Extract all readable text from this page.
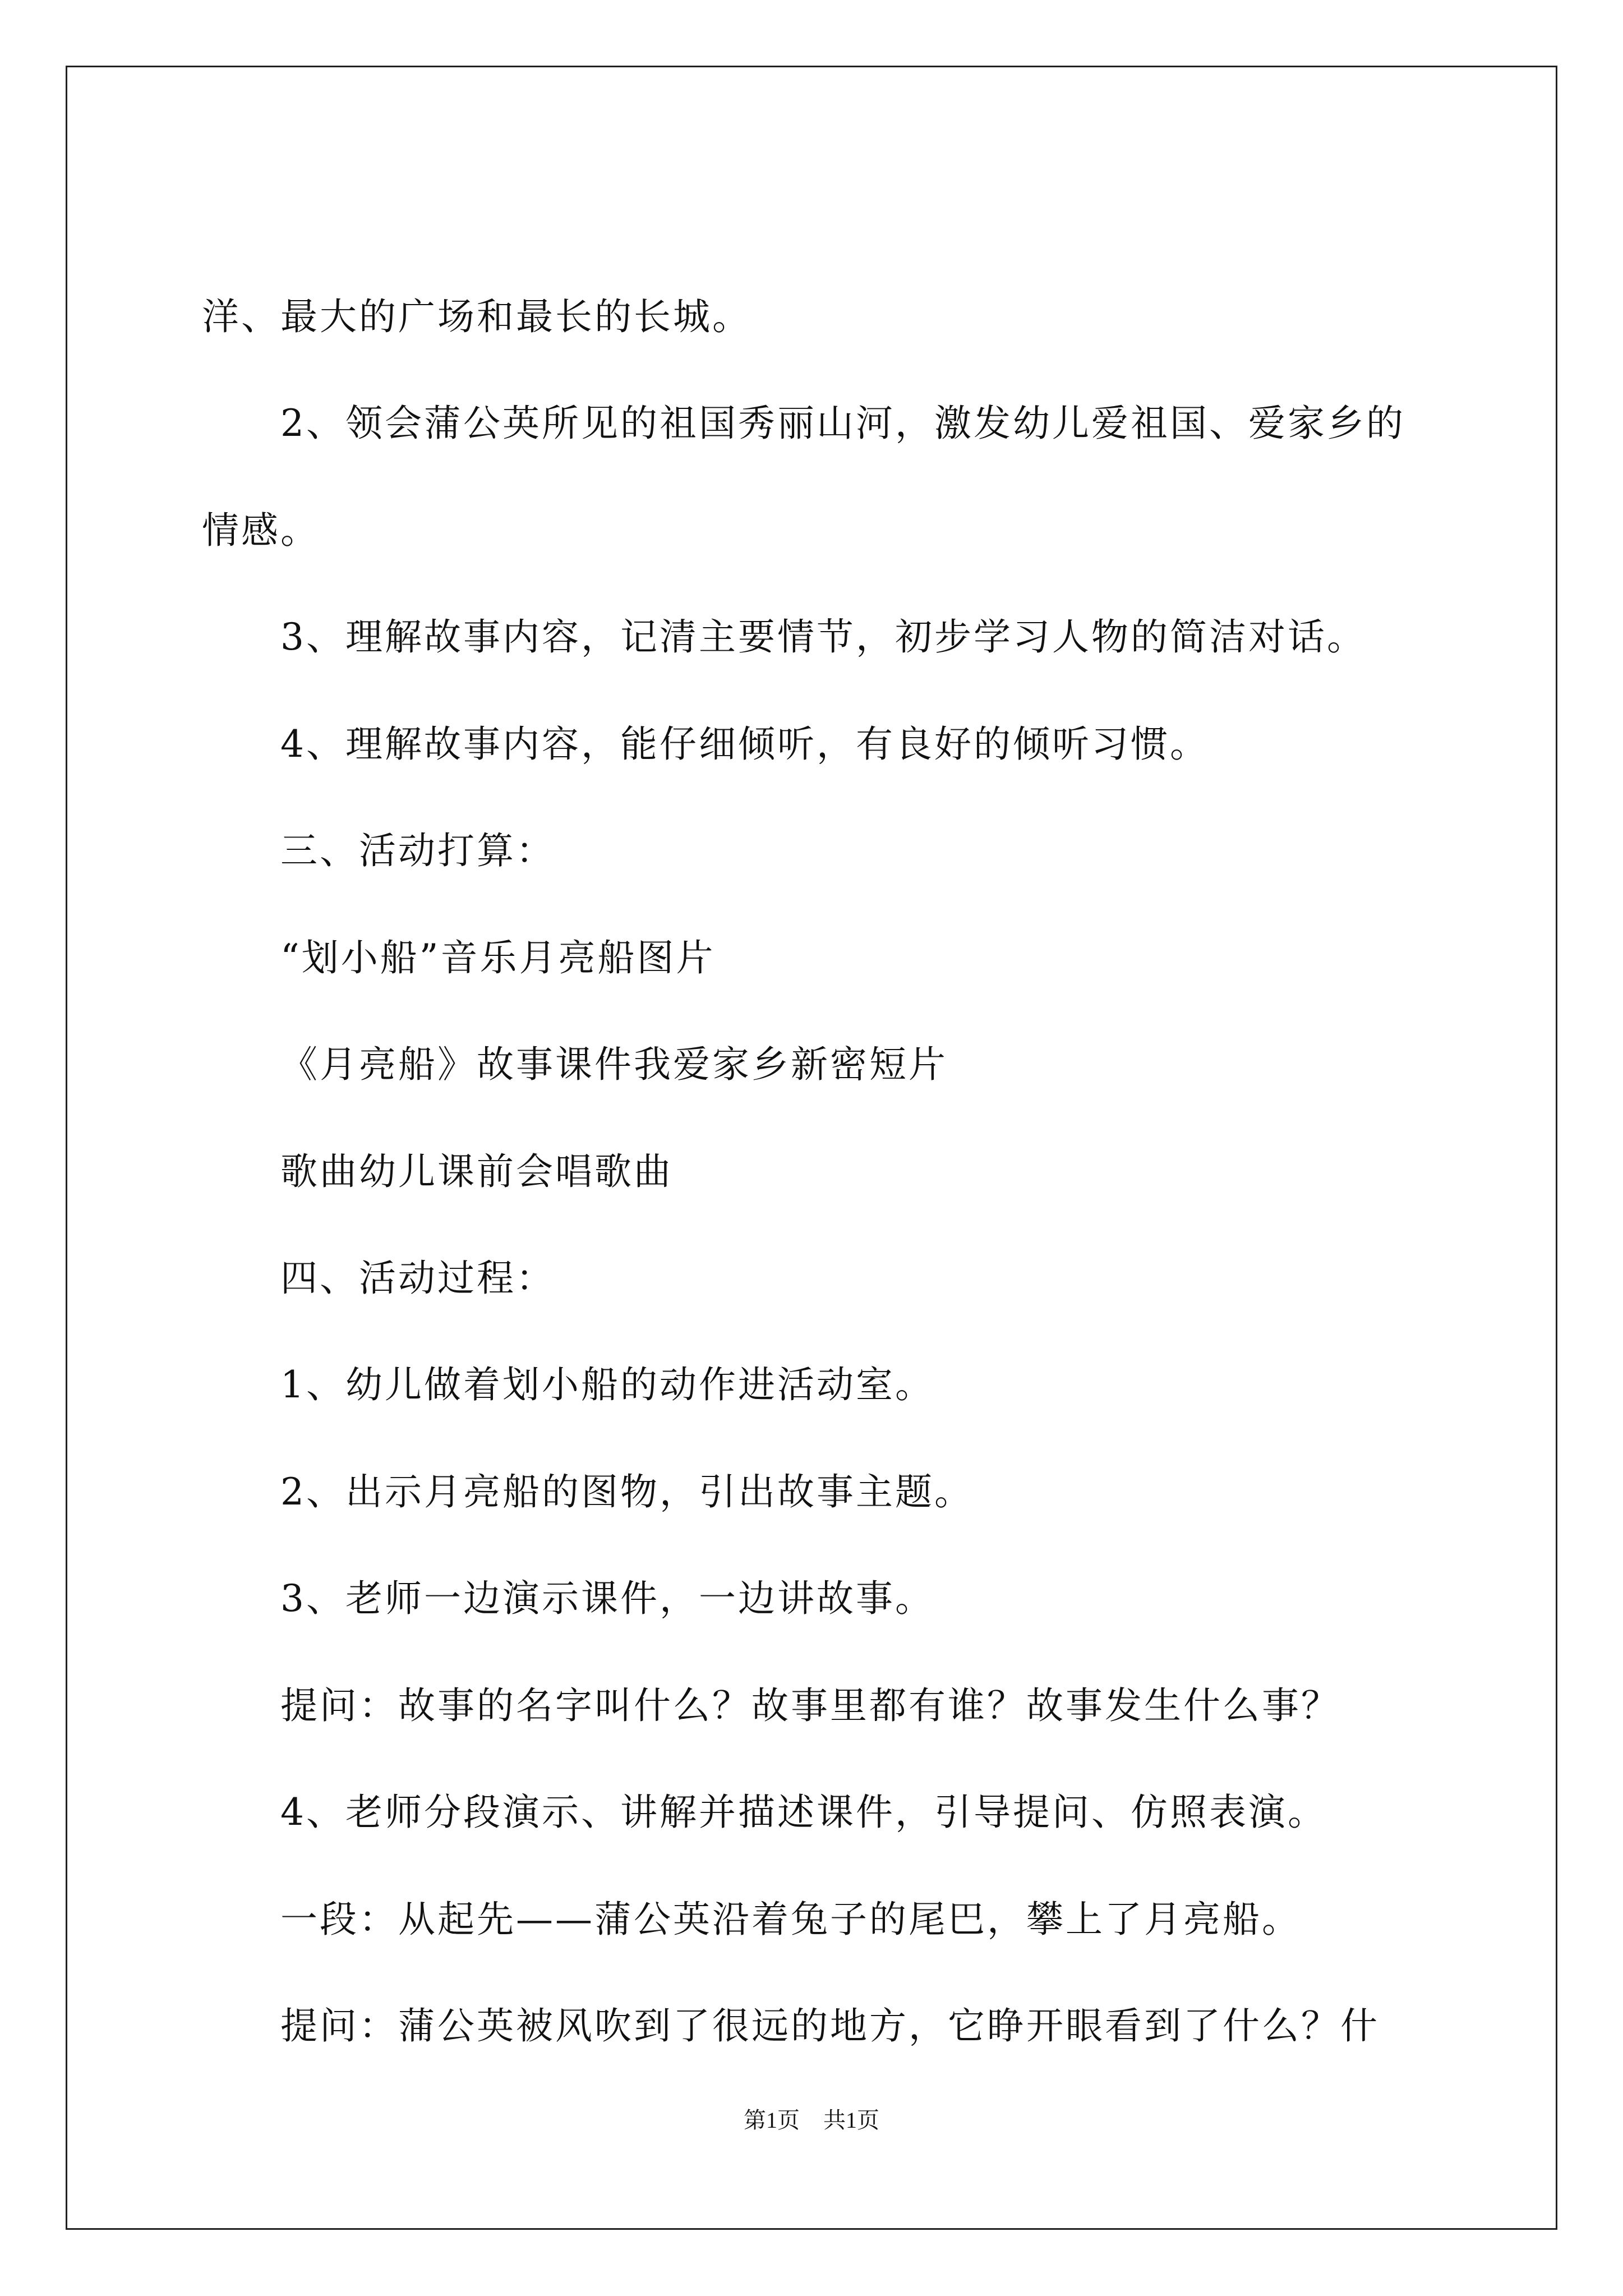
洋、最大的广场和最长的长城。
2、领会蒲公英所见的祖国秀丽山河，激发幼儿爱祖国、爱家乡的
情感。
3、理解故事内容，记清主要情节，初步学习人物的简洁对话。
4、理解故事内容，能仔细倾听，有良好的倾听习惯。
三、活动打算：
“划小船”音乐月亮船图片
《月亮船》故事课件我爱家乡新密短片
歌曲幼儿课前会唱歌曲
四、活动过程：
1、幼儿做着划小船的动作进活动室。
2、出示月亮船的图物，引出故事主题。
3、老师一边演示课件，一边讲故事。
提问：故事的名字叫什么？故事里都有谁？故事发生什么事？
4、老师分段演示、讲解并描述课件，引导提问、仿照表演。
一段：从起先——蒲公英沿着兔子的尾巴，攀上了月亮船。
提问：蒲公英被风吹到了很远的地方，它睁开眼看到了什么？什
第1页 共1页
